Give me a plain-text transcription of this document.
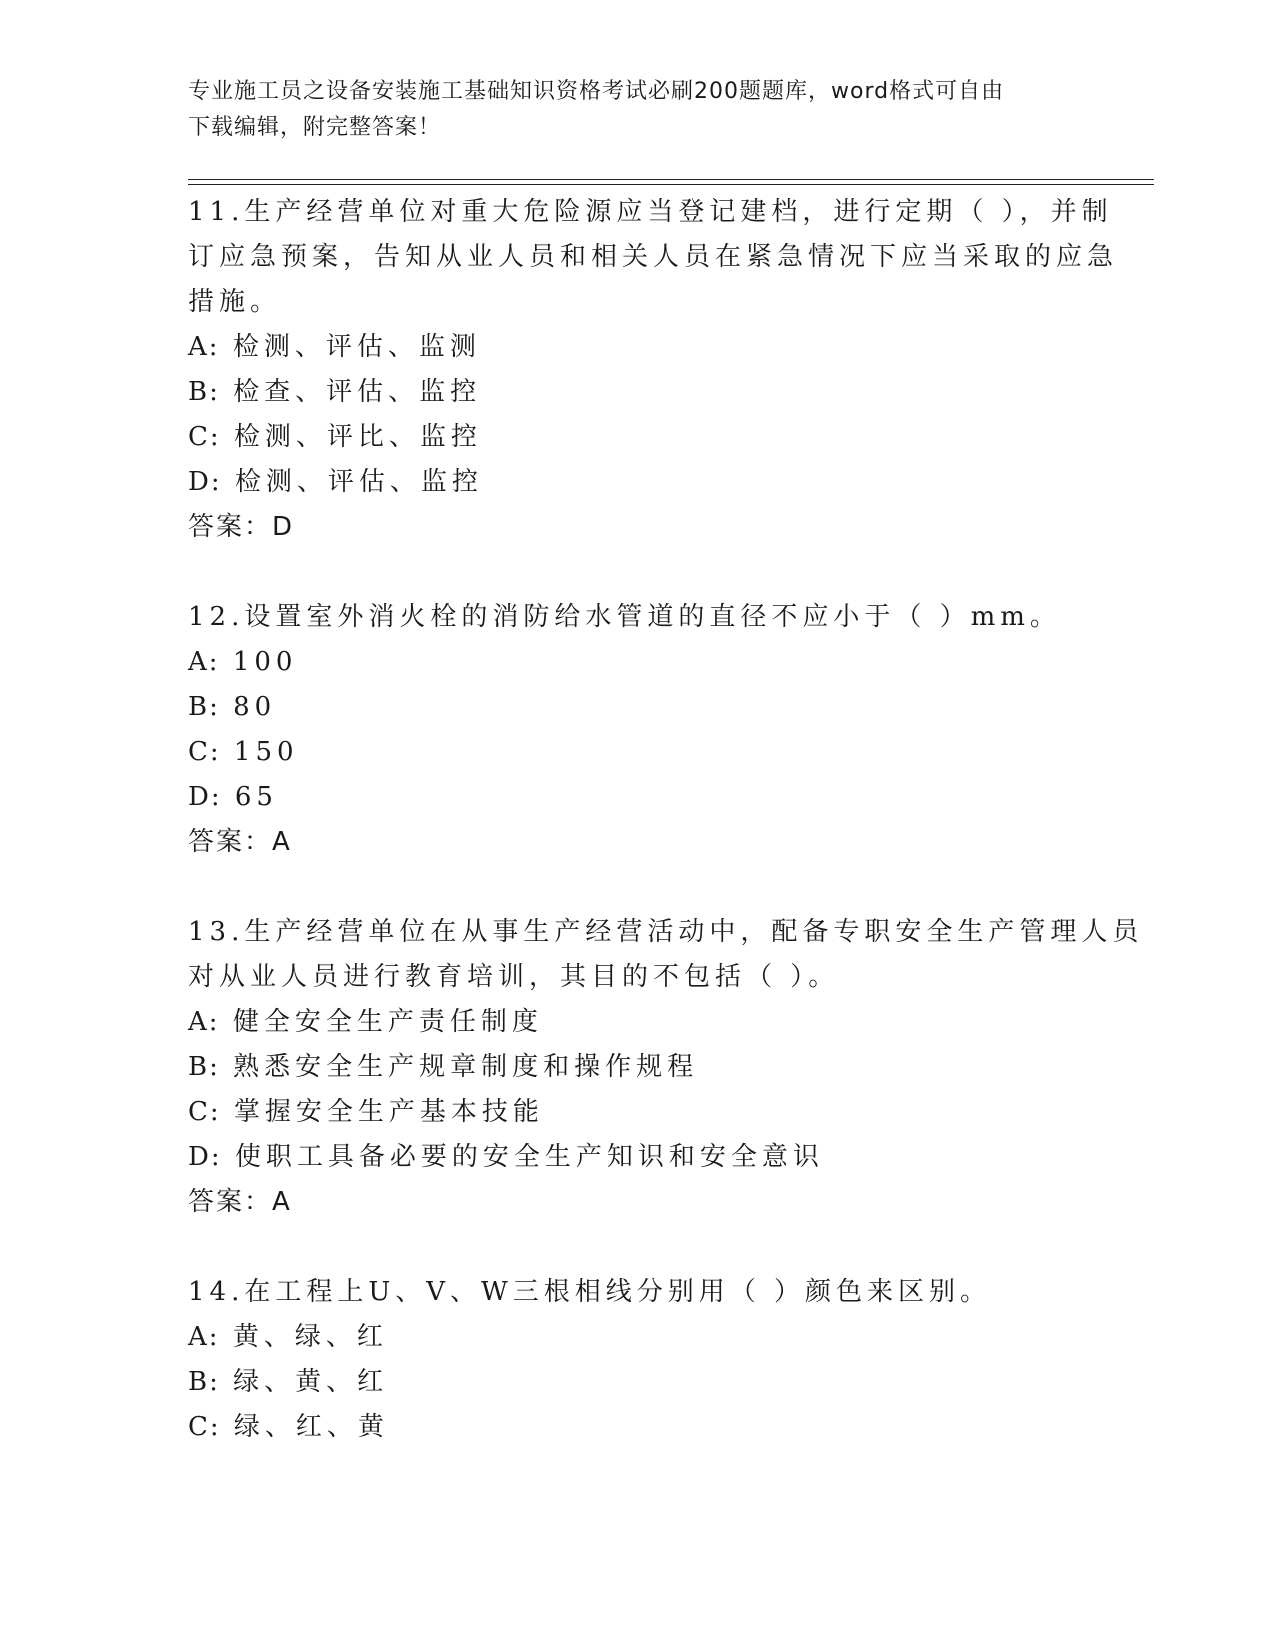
专业施工员之设备安装施工基础知识资格考试必刷200题题库，word格式可自由
下载编辑，附完整答案！
11.生产经营单位对重大危险源应当登记建档，进行定期（ ），并制
订应急预案，告知从业人员和相关人员在紧急情况下应当采取的应急
措施。
A: 检测、评估、监测
B: 检查、评估、监控
C: 检测、评比、监控
D: 检测、评估、监控
答案：D
12.设置室外消火栓的消防给水管道的直径不应小于（ ）mm。
A: 100
B: 80
C: 150
D: 65
答案：A
13.生产经营单位在从事生产经营活动中，配备专职安全生产管理人员
对从业人员进行教育培训，其目的不包括（ ）。
A: 健全安全生产责任制度
B: 熟悉安全生产规章制度和操作规程
C: 掌握安全生产基本技能
D: 使职工具备必要的安全生产知识和安全意识
答案：A
14.在工程上U、V、W三根相线分别用（ ）颜色来区别。
A: 黄、绿、红
B: 绿、黄、红
C: 绿、红、黄
